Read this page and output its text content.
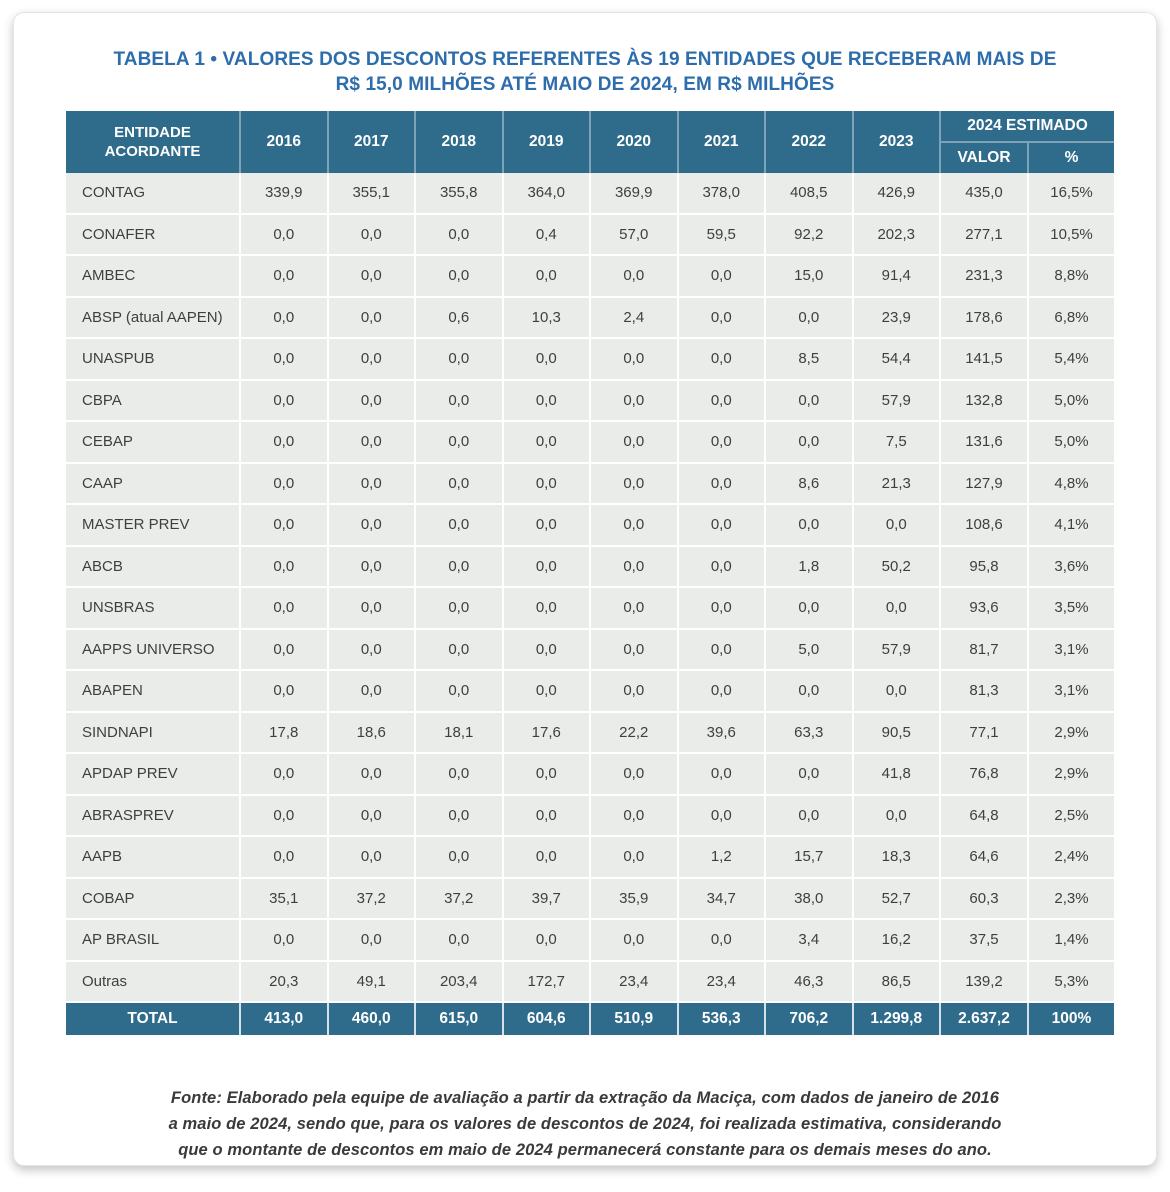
TABELA 1 • VALORES DOS DESCONTOS REFERENTES ÀS 19 ENTIDADES QUE RECEBERAM MAIS DE
R$ 15,0 MILHÕES ATÉ MAIO DE 2024, EM R$ MILHÕES
ENTIDADE
ACORDANTE	2016	2017	2018	2019	2020	2021	2022	2023	2024 ESTIMADO	
									VALOR	%
CONTAG	339,9	355,1	355,8	364,0	369,9	378,0	408,5	426,9	435,0	16,5%
CONAFER	0,0	0,0	0,0	0,4	57,0	59,5	92,2	202,3	277,1	10,5%
AMBEC	0,0	0,0	0,0	0,0	0,0	0,0	15,0	91,4	231,3	8,8%
ABSP (atual AAPEN)	0,0	0,0	0,6	10,3	2,4	0,0	0,0	23,9	178,6	6,8%
UNASPUB	0,0	0,0	0,0	0,0	0,0	0,0	8,5	54,4	141,5	5,4%
CBPA	0,0	0,0	0,0	0,0	0,0	0,0	0,0	57,9	132,8	5,0%
CEBAP	0,0	0,0	0,0	0,0	0,0	0,0	0,0	7,5	131,6	5,0%
CAAP	0,0	0,0	0,0	0,0	0,0	0,0	8,6	21,3	127,9	4,8%
MASTER PREV	0,0	0,0	0,0	0,0	0,0	0,0	0,0	0,0	108,6	4,1%
ABCB	0,0	0,0	0,0	0,0	0,0	0,0	1,8	50,2	95,8	3,6%
UNSBRAS	0,0	0,0	0,0	0,0	0,0	0,0	0,0	0,0	93,6	3,5%
AAPPS UNIVERSO	0,0	0,0	0,0	0,0	0,0	0,0	5,0	57,9	81,7	3,1%
ABAPEN	0,0	0,0	0,0	0,0	0,0	0,0	0,0	0,0	81,3	3,1%
SINDNAPI	17,8	18,6	18,1	17,6	22,2	39,6	63,3	90,5	77,1	2,9%
APDAP PREV	0,0	0,0	0,0	0,0	0,0	0,0	0,0	41,8	76,8	2,9%
ABRASPREV	0,0	0,0	0,0	0,0	0,0	0,0	0,0	0,0	64,8	2,5%
AAPB	0,0	0,0	0,0	0,0	0,0	1,2	15,7	18,3	64,6	2,4%
COBAP	35,1	37,2	37,2	39,7	35,9	34,7	38,0	52,7	60,3	2,3%
AP BRASIL	0,0	0,0	0,0	0,0	0,0	0,0	3,4	16,2	37,5	1,4%
Outras	20,3	49,1	203,4	172,7	23,4	23,4	46,3	86,5	139,2	5,3%
TOTAL	413,0	460,0	615,0	604,6	510,9	536,3	706,2	1.299,8	2.637,2	100%
Fonte: Elaborado pela equipe de avaliação a partir da extração da Maciça, com dados de janeiro de 2016
a maio de 2024, sendo que, para os valores de descontos de 2024, foi realizada estimativa, considerando
que o montante de descontos em maio de 2024 permanecerá constante para os demais meses do ano.
